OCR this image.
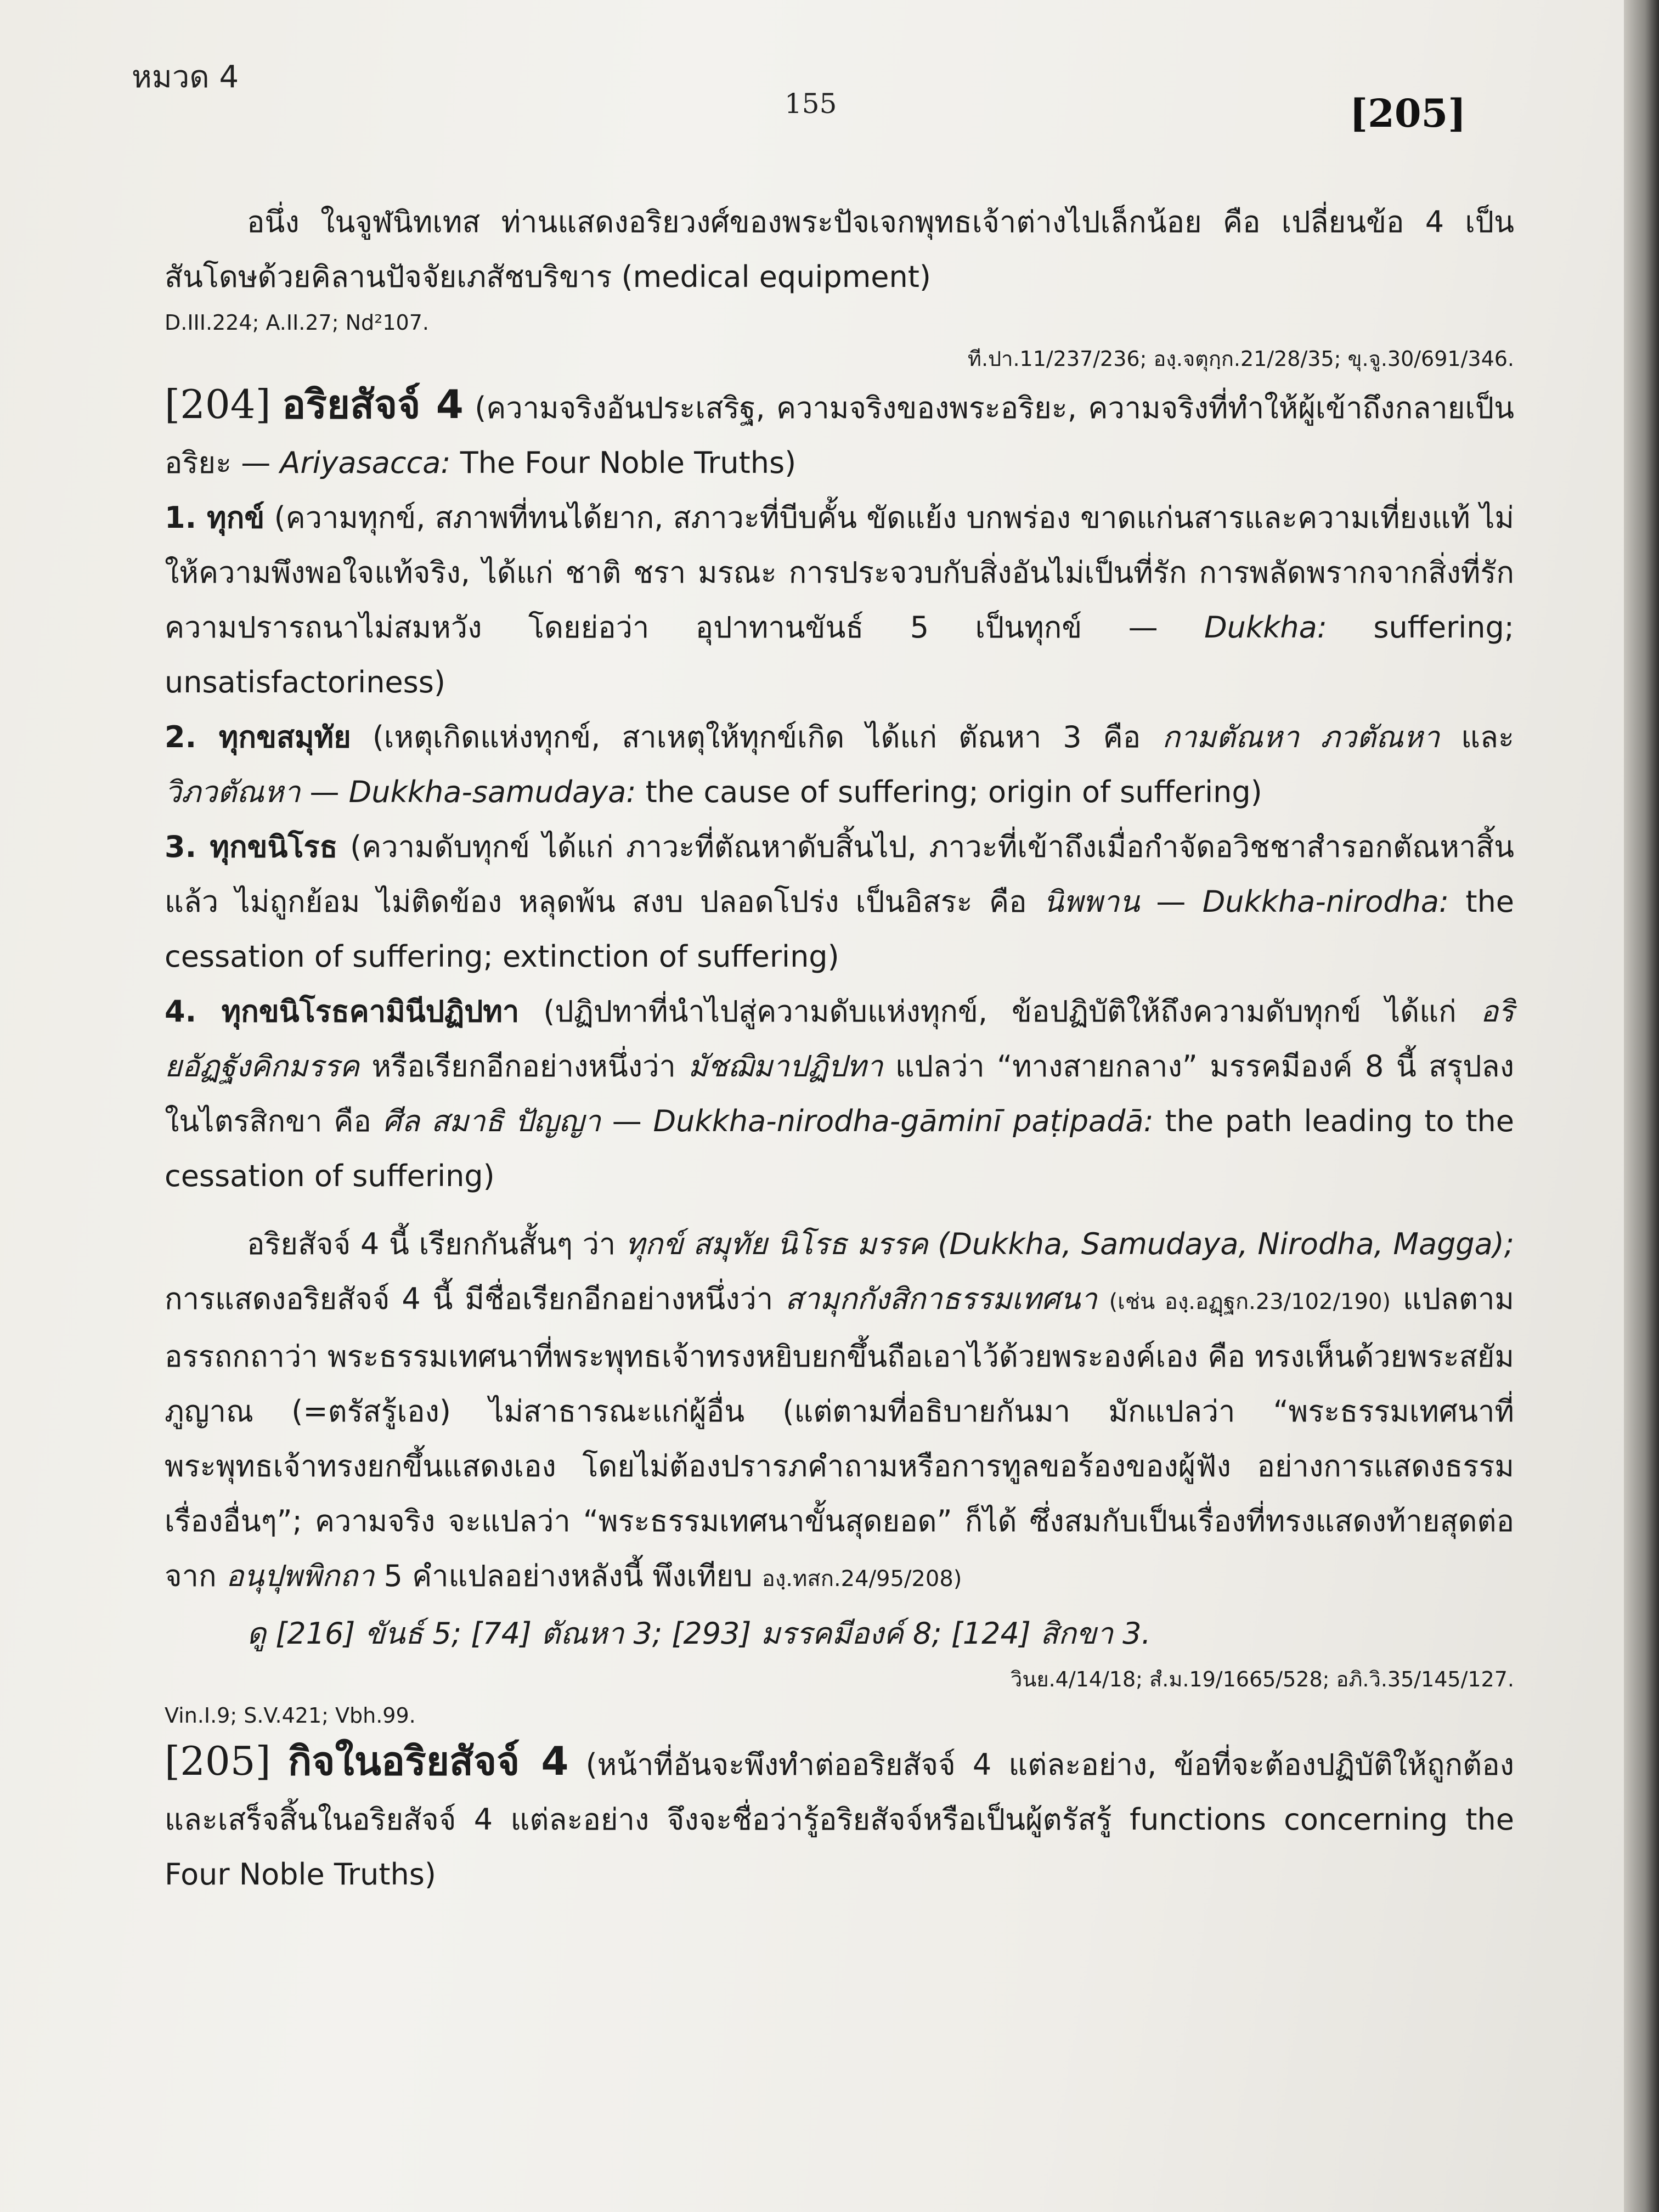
หมวด 4
155	[205]

อนึ่ง ในจูฬนิทเทส ท่านแสดงอริยวงศ์ของพระปัจเจกพุทธเจ้าต่างไปเล็กน้อย คือ เปลี่ยนข้อ 4 เป็น สันโดษด้วยคิลานปัจจัยเภสัชบริขาร (medical equipment)

D.III.224; A.II.27; Nd²107.

ที.ปา.11/237/236; องฺ.จตุกฺก.21/28/35; ขุ.จู.30/691/346.

[204] อริยสัจจ์ 4 (ความจริงอันประเสริฐ, ความจริงของพระอริยะ, ความจริงที่ทำให้ผู้เข้าถึงกลายเป็นอริยะ — Ariyasacca: The Four Noble Truths)

1. ทุกข์ (ความทุกข์, สภาพที่ทนได้ยาก, สภาวะที่บีบคั้น ขัดแย้ง บกพร่อง ขาดแก่นสารและความเที่ยงแท้ ไม่ให้ความพึงพอใจแท้จริง, ได้แก่ ชาติ ชรา มรณะ การประจวบกับสิ่งอันไม่เป็นที่รัก การพลัดพรากจากสิ่งที่รัก ความปรารถนาไม่สมหวัง โดยย่อว่า อุปาทานขันธ์ 5 เป็นทุกข์ — Dukkha: suffering; unsatisfactoriness)

2. ทุกขสมุทัย (เหตุเกิดแห่งทุกข์, สาเหตุให้ทุกข์เกิด ได้แก่ ตัณหา 3 คือ กามตัณหา ภวตัณหา และ วิภวตัณหา — Dukkha-samudaya: the cause of suffering; origin of suffering)

3. ทุกขนิโรธ (ความดับทุกข์ ได้แก่ ภาวะที่ตัณหาดับสิ้นไป, ภาวะที่เข้าถึงเมื่อกำจัดอวิชชาสำรอกตัณหาสิ้นแล้ว ไม่ถูกย้อม ไม่ติดข้อง หลุดพ้น สงบ ปลอดโปร่ง เป็นอิสระ คือ นิพพาน — Dukkha-nirodha: the cessation of suffering; extinction of suffering)

4. ทุกขนิโรธคามินีปฏิปทา (ปฏิปทาที่นำไปสู่ความดับแห่งทุกข์, ข้อปฏิบัติให้ถึงความดับทุกข์ ได้แก่ อริยอัฏฐังคิกมรรค หรือเรียกอีกอย่างหนึ่งว่า มัชฌิมาปฏิปทา แปลว่า “ทางสายกลาง” มรรคมีองค์ 8 นี้ สรุปลงในไตรสิกขา คือ ศีล สมาธิ ปัญญา — Dukkha-nirodha-gāminī paṭipadā: the path leading to the cessation of suffering)

อริยสัจจ์ 4 นี้ เรียกกันสั้นๆ ว่า ทุกข์ สมุทัย นิโรธ มรรค (Dukkha, Samudaya, Nirodha, Magga); การแสดงอริยสัจจ์ 4 นี้ มีชื่อเรียกอีกอย่างหนึ่งว่า สามุกกังสิกาธรรมเทศนา (เช่น องฺ.อฏฺฐก.23/102/190) แปลตามอรรถกถาว่า พระธรรมเทศนาที่พระพุทธเจ้าทรงหยิบยกขึ้นถือเอาไว้ด้วยพระองค์เอง คือ ทรงเห็นด้วยพระสยัมภูญาณ (=ตรัสรู้เอง) ไม่สาธารณะแก่ผู้อื่น (แต่ตามที่อธิบายกันมา มักแปลว่า “พระธรรมเทศนาที่พระพุทธเจ้าทรงยกขึ้นแสดงเอง โดยไม่ต้องปรารภคำถามหรือการทูลขอร้องของผู้ฟัง อย่างการแสดงธรรมเรื่องอื่นๆ”; ความจริง จะแปลว่า “พระธรรมเทศนาขั้นสุดยอด” ก็ได้ ซึ่งสมกับเป็นเรื่องที่ทรงแสดงท้ายสุดต่อจาก อนุปุพพิกถา 5 คำแปลอย่างหลังนี้ พึงเทียบ องฺ.ทสก.24/95/208)

ดู [216] ขันธ์ 5; [74] ตัณหา 3; [293] มรรคมีองค์ 8; [124] สิกขา 3.

วินย.4/14/18; สํ.ม.19/1665/528; อภิ.วิ.35/145/127.

Vin.I.9; S.V.421; Vbh.99.

[205] กิจในอริยสัจจ์ 4 (หน้าที่อันจะพึงทำต่ออริยสัจจ์ 4 แต่ละอย่าง, ข้อที่จะต้องปฏิบัติให้ถูกต้องและเสร็จสิ้นในอริยสัจจ์ 4 แต่ละอย่าง จึงจะชื่อว่ารู้อริยสัจจ์หรือเป็นผู้ตรัสรู้ functions concerning the Four Noble Truths)
